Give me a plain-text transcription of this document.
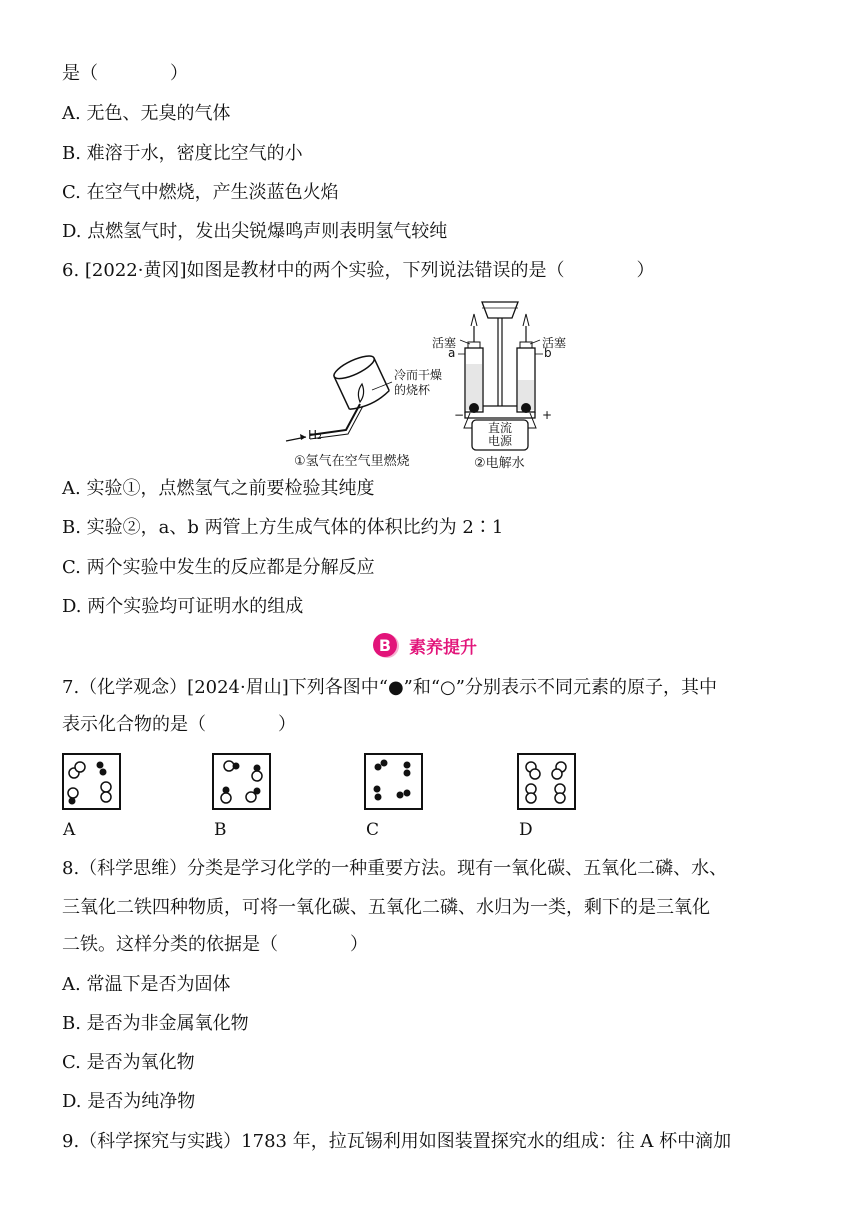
是（　　　　）
A. 无色、无臭的气体
B. 难溶于水，密度比空气的小
C. 在空气中燃烧，产生淡蓝色火焰
D. 点燃氢气时，发出尖锐爆鸣声则表明氢气较纯
6. [2022·黄冈]如图是教材中的两个实验，下列说法错误的是（　　　　）
冷而干燥
的烧杯
H₂
①氢气在空气里燃烧
活塞	活塞
a	b
−	+
直流
电源
②电解水
A. 实验①，点燃氢气之前要检验其纯度
B. 实验②，a、b 两管上方生成气体的体积比约为 2∶1
C. 两个实验中发生的反应都是分解反应
D. 两个实验均可证明水的组成
B	素养提升
7.（化学观念）[2024·眉山]下列各图中“●”和“○”分别表示不同元素的原子，其中
表示化合物的是（　　　　）
A	B	C	D
8.（科学思维）分类是学习化学的一种重要方法。现有一氧化碳、五氧化二磷、水、
三氧化二铁四种物质，可将一氧化碳、五氧化二磷、水归为一类，剩下的是三氧化
二铁。这样分类的依据是（　　　　）
A. 常温下是否为固体
B. 是否为非金属氧化物
C. 是否为氧化物
D. 是否为纯净物
9.（科学探究与实践）1783 年，拉瓦锡利用如图装置探究水的组成：往 A 杯中滴加
